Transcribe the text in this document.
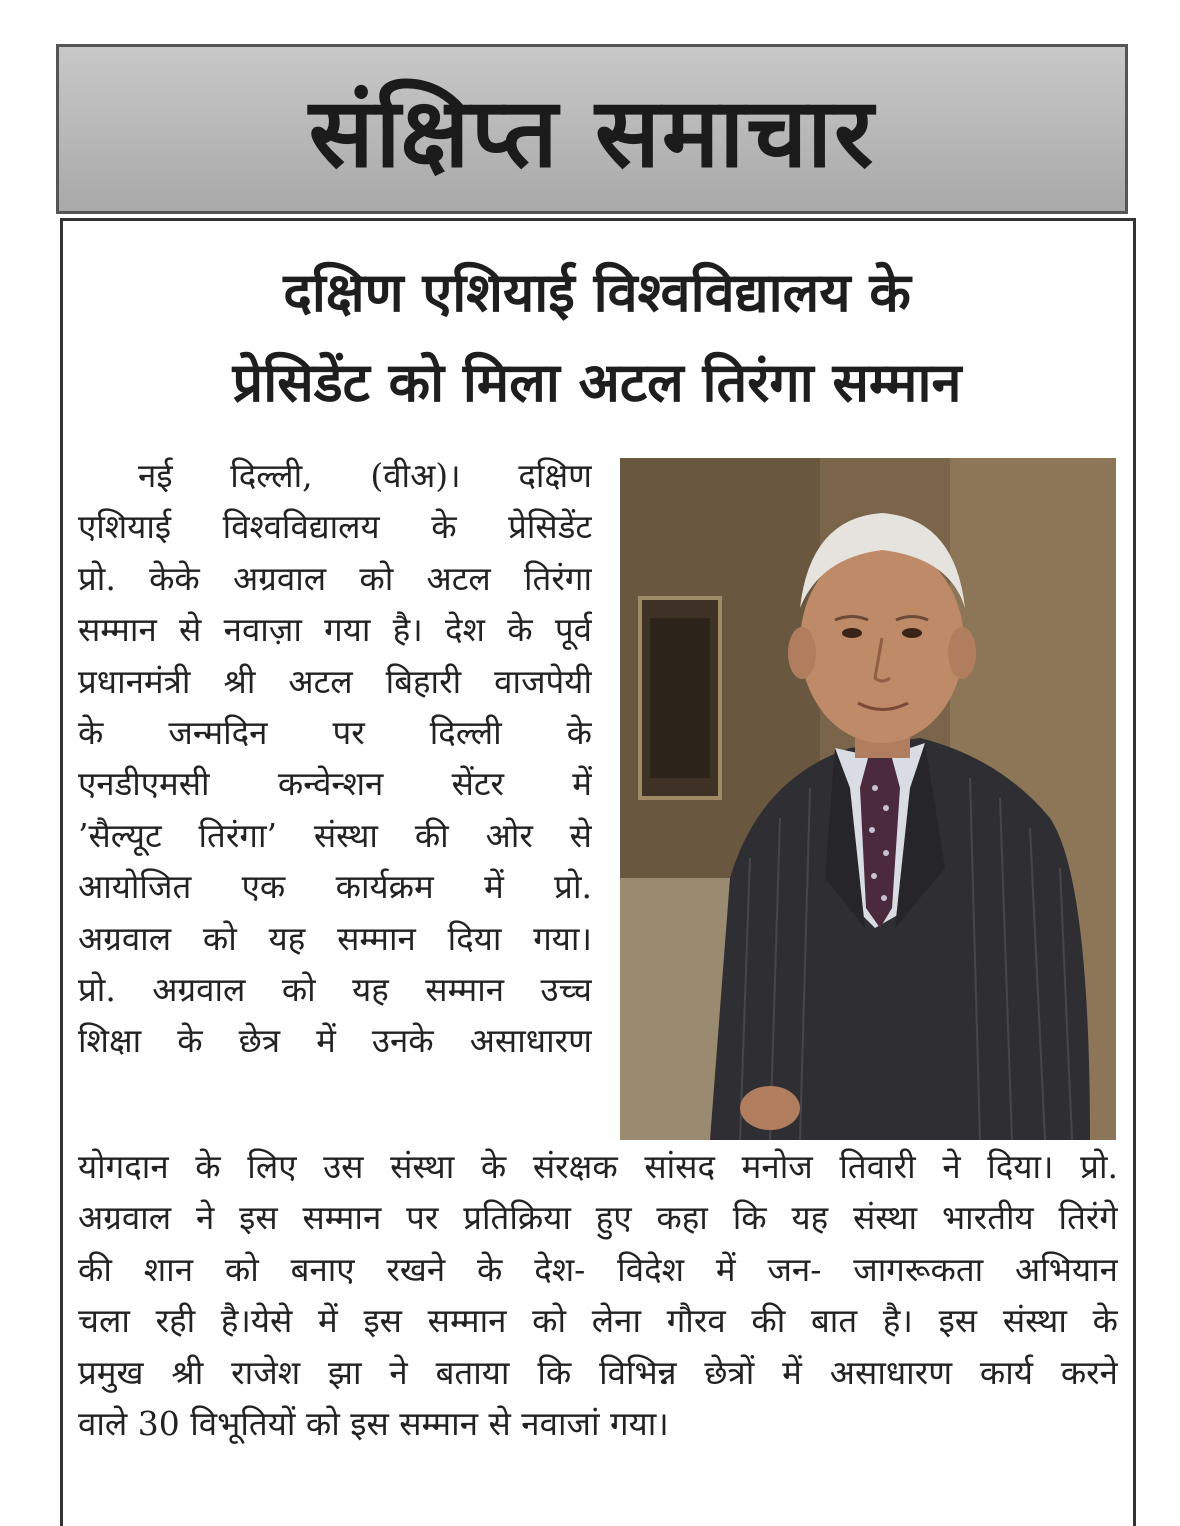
संक्षिप्त समाचार
दक्षिण एशियाई विश्वविद्यालय के
प्रेसिडेंट को मिला अटल तिरंगा सम्मान
नई दिल्ली, (वीअ)। दक्षिण
एशियाई विश्वविद्यालय के प्रेसिडेंट
प्रो. केके अग्रवाल को अटल तिरंगा
सम्मान से नवाज़ा गया है। देश के पूर्व
प्रधानमंत्री श्री अटल बिहारी वाजपेयी
के जन्मदिन पर दिल्ली के
एनडीएमसी कन्वेन्शन सेंटर में
’सैल्यूट तिरंगा’ संस्था की ओर से
आयोजित एक कार्यक्रम में प्रो.
अग्रवाल को यह सम्मान दिया गया।
प्रो. अग्रवाल को यह सम्मान उच्च
शिक्षा के छेत्र में उनके असाधारण
योगदान के लिए उस संस्था के संरक्षक सांसद मनोज तिवारी ने दिया। प्रो.
अग्रवाल ने इस सम्मान पर प्रतिक्रिया हुए कहा कि यह संस्था भारतीय तिरंगे
की शान को बनाए रखने के देश- विदेश में जन- जागरूकता अभियान
चला रही है।येसे में इस सम्मान को लेना गौरव की बात है। इस संस्था के
प्रमुख श्री राजेश झा ने बताया कि विभिन्न छेत्रों में असाधारण कार्य करने
वाले 30 विभूतियों को इस सम्मान से नवाजां गया।
